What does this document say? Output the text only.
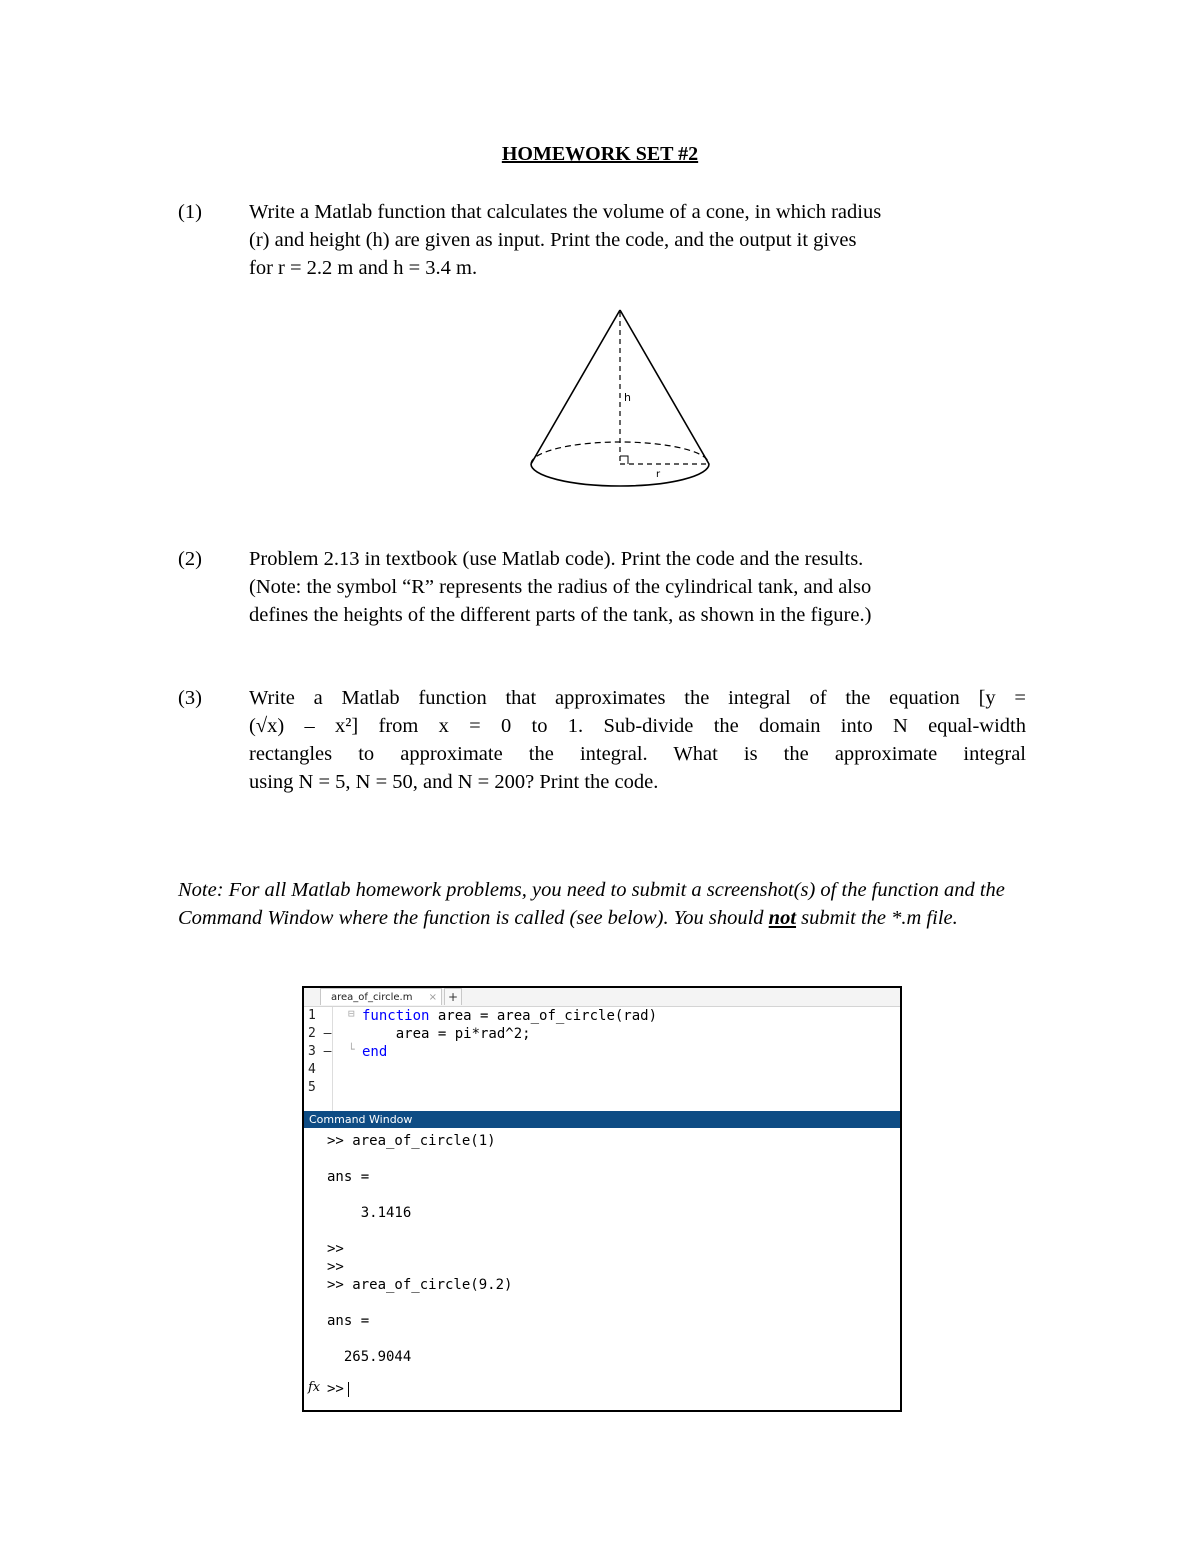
HOMEWORK SET #2
(1)	Write a Matlab function that calculates the volume of a cone, in which radius
(r) and height (h) are given as input. Print the code, and the output it gives
for r = 2.2 m and h = 3.4 m.
h
r
(2)	Problem 2.13 in textbook (use Matlab code). Print the code and the results.
(Note: the symbol “R” represents the radius of the cylindrical tank, and also
defines the heights of the different parts of the tank, as shown in the figure.)
(3)	Write a Matlab function that approximates the integral of the equation [y =
(√x) – x²] from x = 0 to 1. Sub-divide the domain into N equal-width
rectangles to approximate the integral. What is the approximate integral
using N = 5, N = 50, and N = 200? Print the code.
Note: For all Matlab homework problems, you need to submit a screenshot(s) of the function and the Command Window where the function is called (see below). You should not submit the *.m file.
area_of_circle.m × +
1
2 –
3 –
4
5
⊟
└
function area = area_of_circle(rad)
area = pi*rad^2;
end
Command Window
>> area_of_circle(1)
ans =
3.1416
>>
>>
>> area_of_circle(9.2)
ans =
265.9044
fx >>
